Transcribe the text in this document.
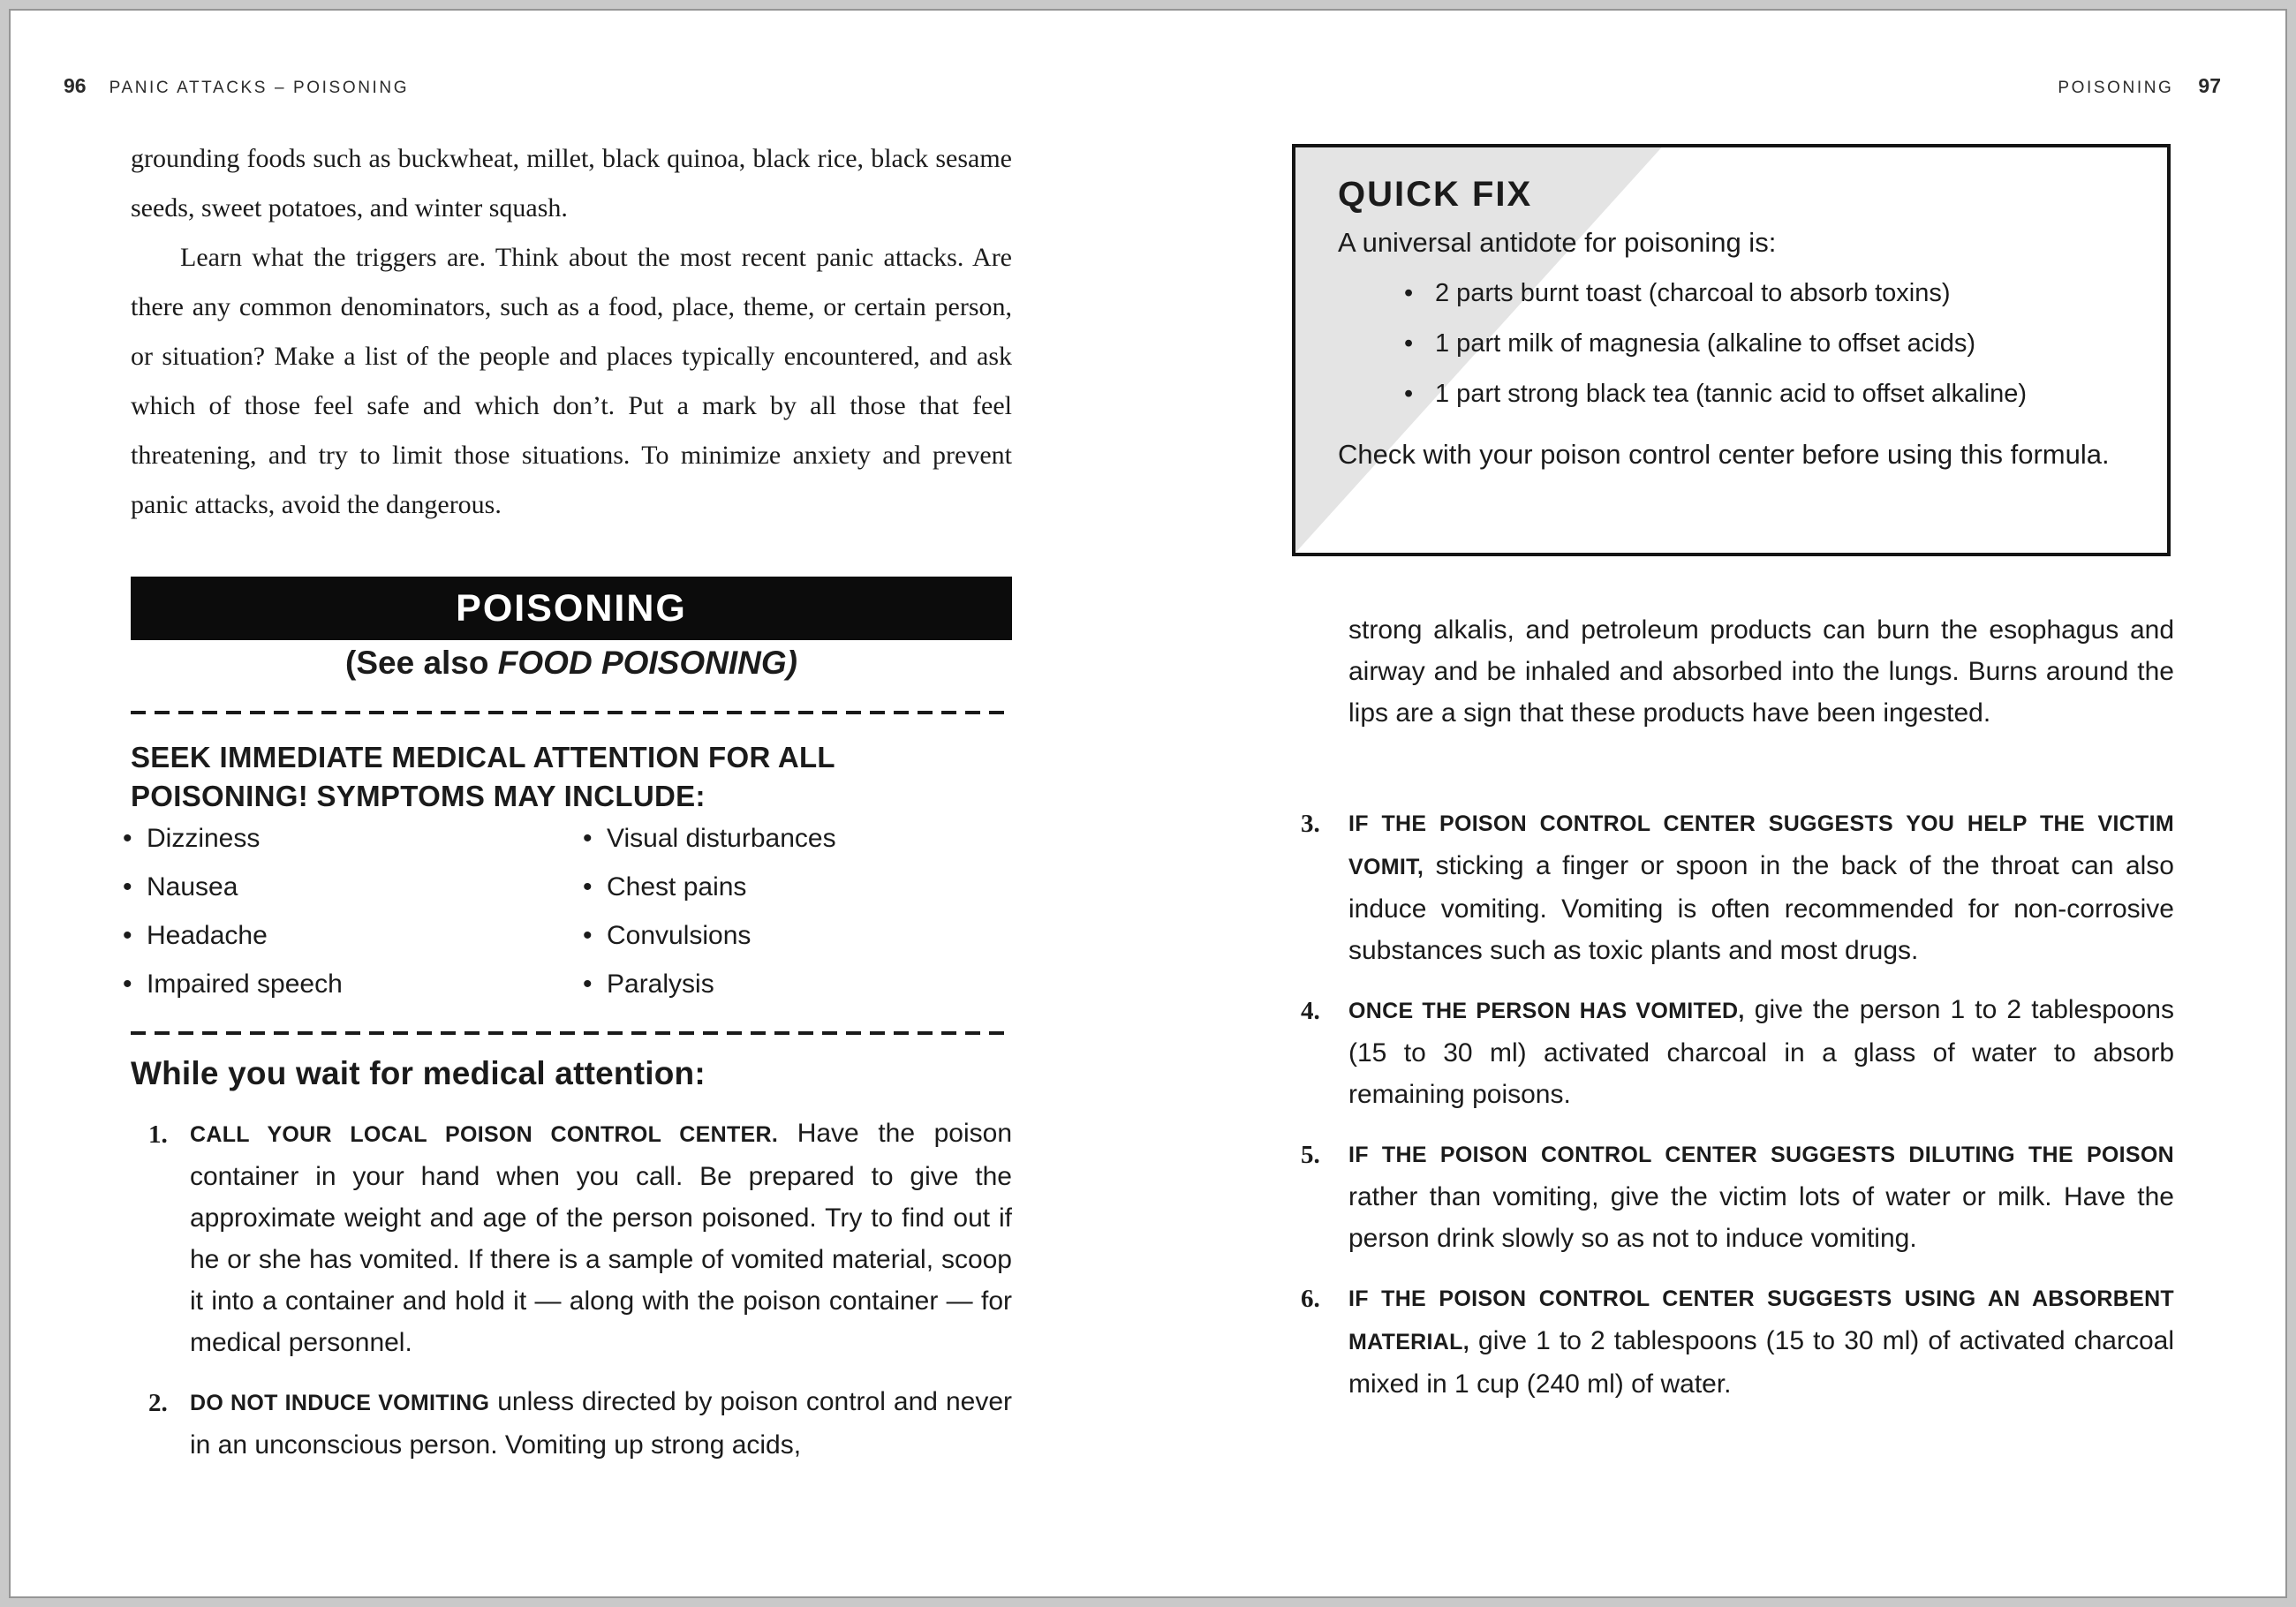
96 PANIC ATTACKS – POISONING	POISONING 97

grounding foods such as buckwheat, millet, black quinoa, black rice, black sesame seeds, sweet potatoes, and winter squash.

Learn what the triggers are. Think about the most recent panic attacks. Are there any common denominators, such as a food, place, theme, or certain person, or situation? Make a list of the people and places typically encountered, and ask which of those feel safe and which don’t. Put a mark by all those that feel threatening, and try to limit those situations. To minimize anxiety and prevent panic attacks, avoid the dangerous.

POISONING
(See also FOOD POISONING)
SEEK IMMEDIATE MEDICAL ATTENTION FOR ALL
POISONING! SYMPTOMS MAY INCLUDE:
• Dizziness
• Nausea
• Headache
• Impaired speech
• Visual disturbances
• Chest pains
• Convulsions
• Paralysis
While you wait for medical attention:
1. CALL YOUR LOCAL POISON CONTROL CENTER. Have the poison container in your hand when you call. Be prepared to give the approximate weight and age of the person poisoned. Try to find out if he or she has vomited. If there is a sample of vomited material, scoop it into a container and hold it — along with the poison container — for medical personnel.
2. DO NOT INDUCE VOMITING unless directed by poison control and never in an unconscious person. Vomiting up strong acids,
QUICK FIX

A universal antidote for poisoning is:

• 2 parts burnt toast (charcoal to absorb toxins)
• 1 part milk of magnesia (alkaline to offset acids)
• 1 part strong black tea (tannic acid to offset alkaline)

Check with your poison control center before using this formula.

strong alkalis, and petroleum products can burn the esophagus and airway and be inhaled and absorbed into the lungs. Burns around the lips are a sign that these products have been ingested.

3. IF THE POISON CONTROL CENTER SUGGESTS YOU HELP THE VICTIM VOMIT, sticking a finger or spoon in the back of the throat can also induce vomiting. Vomiting is often recommended for non-corrosive substances such as toxic plants and most drugs.
4. ONCE THE PERSON HAS VOMITED, give the person 1 to 2 tablespoons (15 to 30 ml) activated charcoal in a glass of water to absorb remaining poisons.
5. IF THE POISON CONTROL CENTER SUGGESTS DILUTING THE POISON rather than vomiting, give the victim lots of water or milk. Have the person drink slowly so as not to induce vomiting.
6. IF THE POISON CONTROL CENTER SUGGESTS USING AN ABSORBENT MATERIAL, give 1 to 2 tablespoons (15 to 30 ml) of activated charcoal mixed in 1 cup (240 ml) of water.
